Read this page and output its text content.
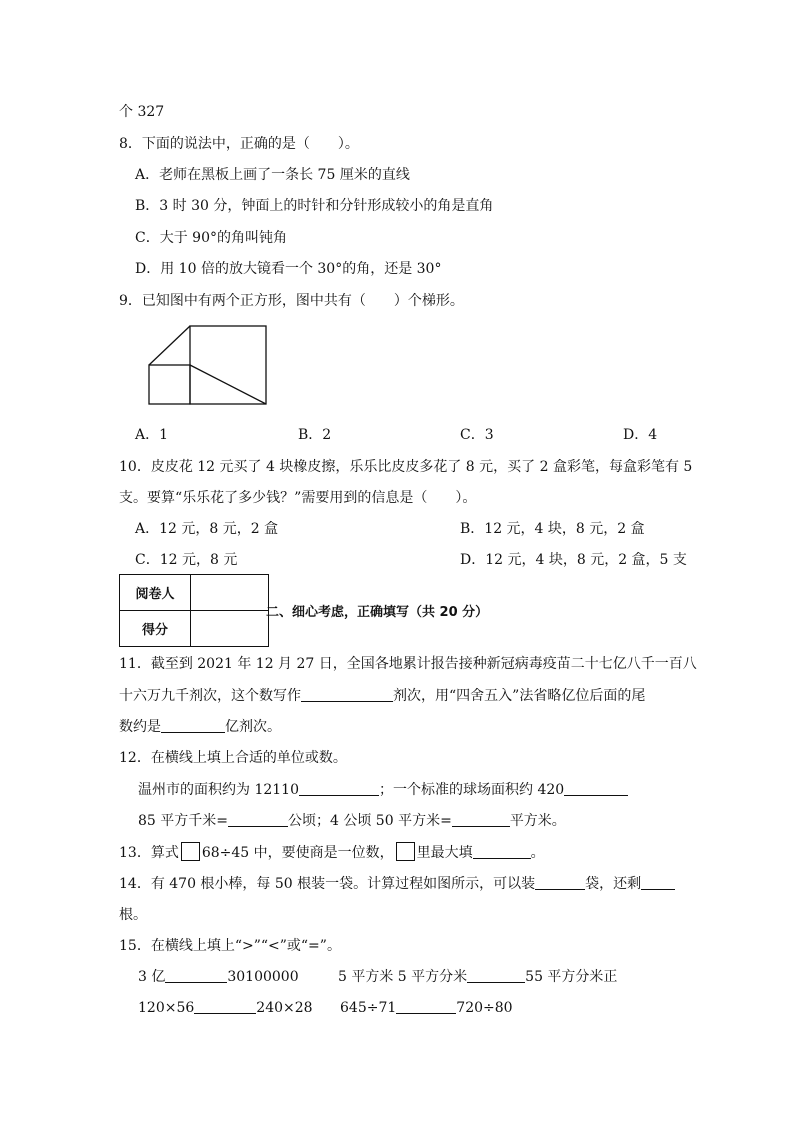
个 327
8．下面的说法中，正确的是（　　）。
A．老师在黑板上画了一条长 75 厘米的直线
B．3 时 30 分，钟面上的时针和分针形成较小的角是直角
C．大于 90°的角叫钝角
D．用 10 倍的放大镜看一个 30°的角，还是 30°
9．已知图中有两个正方形，图中共有（　　）个梯形。
A．1	B．2	C．3	D．4
10．皮皮花 12 元买了 4 块橡皮擦，乐乐比皮皮多花了 8 元，买了 2 盒彩笔，每盒彩笔有 5
支。要算“乐乐花了多少钱？”需要用到的信息是（　　）。
A．12 元，8 元，2 盒	B．12 元，4 块，8 元，2 盒
C．12 元，8 元	D．12 元，4 块，8 元，2 盒，5 支
阅卷人	
得分	
二、细心考虑，正确填写（共 20 分）
11．截至到 2021 年 12 月 27 日，全国各地累计报告接种新冠病毒疫苗二十七亿八千一百八
十六万九千剂次，这个数写作	剂次，用“四舍五入”法省略亿位后面的尾
数约是	亿剂次。
12．在横线上填上合适的单位或数。
温州市的面积约为 12110	；一个标准的球场面积约 420
85 平方千米=	公顷；4 公顷 50 平方米=	平方米。
13．算式 68÷45 中，要使商是一位数， 里最大填	。
14．有 470 根小棒，每 50 根装一袋。计算过程如图所示，可以装	袋，还剩
根。
15．在横线上填上“>”“<”或“=”。
3 亿	30100000	5 平方米 5 平方分米	55 平方分米正
120×56	240×28 645÷71	720÷80
